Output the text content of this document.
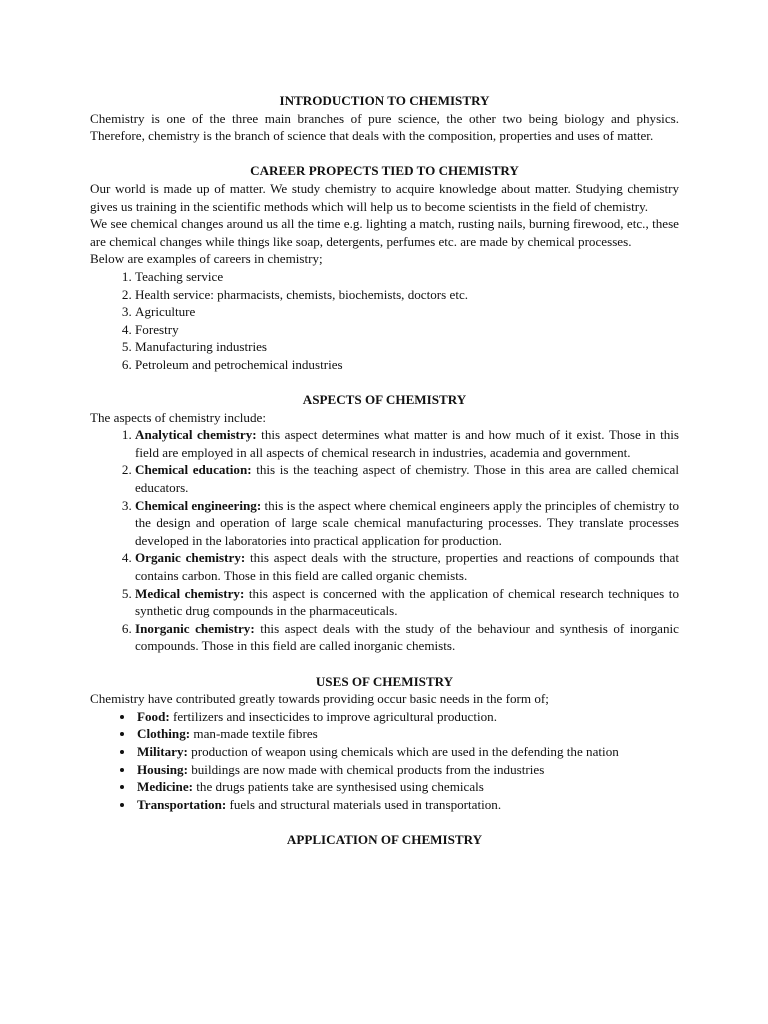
INTRODUCTION TO CHEMISTRY

Chemistry is one of the three main branches of pure science, the other two being biology and physics. Therefore, chemistry is the branch of science that deals with the composition, properties and uses of matter.

CAREER PROPECTS TIED TO CHEMISTRY

Our world is made up of matter. We study chemistry to acquire knowledge about matter. Studying chemistry gives us training in the scientific methods which will help us to become scientists in the field of chemistry.

We see chemical changes around us all the time e.g. lighting a match, rusting nails, burning firewood, etc., these are chemical changes while things like soap, detergents, perfumes etc. are made by chemical processes.

Below are examples of careers in chemistry;

1. Teaching service
2. Health service: pharmacists, chemists, biochemists, doctors etc.
3. Agriculture
4. Forestry
5. Manufacturing industries
6. Petroleum and petrochemical industries
ASPECTS OF CHEMISTRY

The aspects of chemistry include:

1. Analytical chemistry: this aspect determines what matter is and how much of it exist. Those in this field are employed in all aspects of chemical research in industries, academia and government.
2. Chemical education: this is the teaching aspect of chemistry. Those in this area are called chemical educators.
3. Chemical engineering: this is the aspect where chemical engineers apply the principles of chemistry to the design and operation of large scale chemical manufacturing processes. They translate processes developed in the laboratories into practical application for production.
4. Organic chemistry: this aspect deals with the structure, properties and reactions of compounds that contains carbon. Those in this field are called organic chemists.
5. Medical chemistry: this aspect is concerned with the application of chemical research techniques to synthetic drug compounds in the pharmaceuticals.
6. Inorganic chemistry: this aspect deals with the study of the behaviour and synthesis of inorganic compounds. Those in this field are called inorganic chemists.
USES OF CHEMISTRY

Chemistry have contributed greatly towards providing occur basic needs in the form of;

• Food: fertilizers and insecticides to improve agricultural production.
• Clothing: man-made textile fibres
• Military: production of weapon using chemicals which are used in the defending the nation
• Housing: buildings are now made with chemical products from the industries
• Medicine: the drugs patients take are synthesised using chemicals
• Transportation: fuels and structural materials used in transportation.
APPLICATION OF CHEMISTRY
